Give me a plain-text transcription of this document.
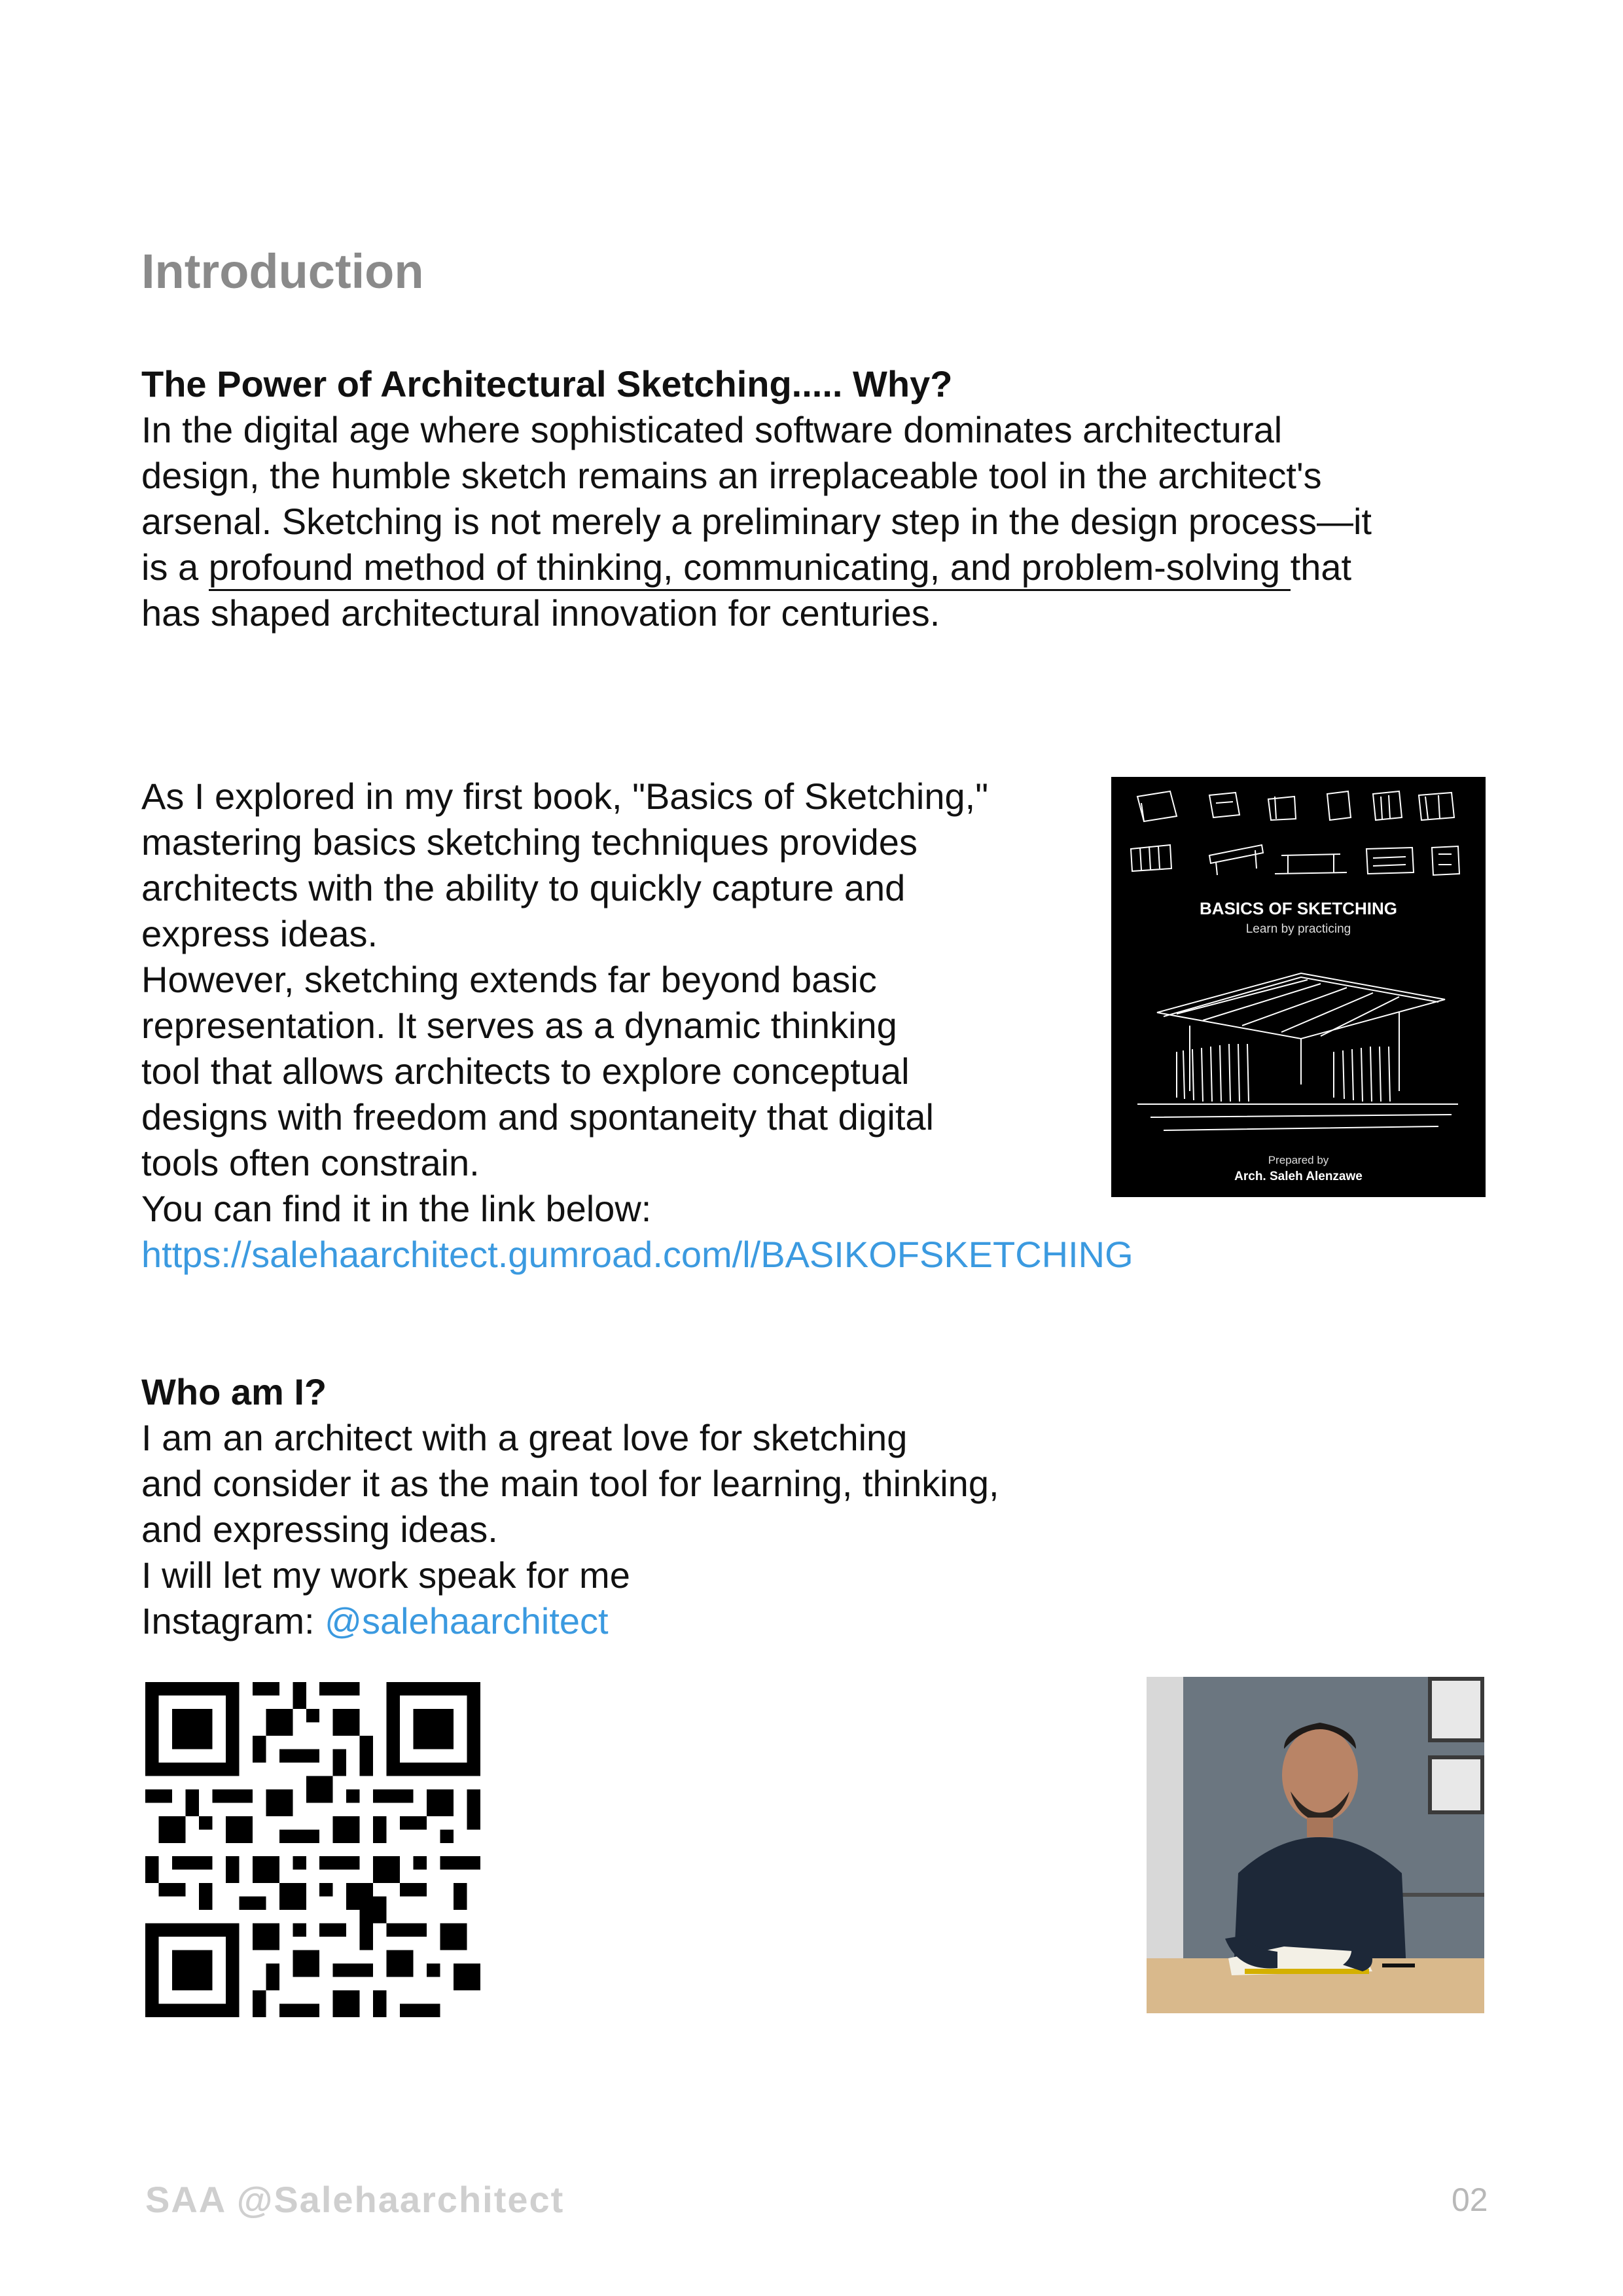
Introduction
The Power of Architectural Sketching..... Why?
In the digital age where sophisticated software dominates architectural
design, the humble sketch remains an irreplaceable tool in the architect's
arsenal. Sketching is not merely a preliminary step in the design process—it
is a profound method of thinking, communicating, and problem-solving that
has shaped architectural innovation for centuries.
As I explored in my first book, "Basics of Sketching,"
mastering basics sketching techniques provides
architects with the ability to quickly capture and
express ideas.
However, sketching extends far beyond basic
representation. It serves as a dynamic thinking
tool that allows architects to explore conceptual
designs with freedom and spontaneity that digital
tools often constrain.
You can find it in the link below:
https://salehaarchitect.gumroad.com/l/BASIKOFSKETCHING
BASICS OF SKETCHING
Learn by practicing
Prepared by
Arch. Saleh Alenzawe
Who am I?
I am an architect with a great love for sketching
and consider it as the main tool for learning, thinking,
and expressing ideas.
I will let my work speak for me
Instagram: @salehaarchitect
SAA @Salehaarchitect	02
